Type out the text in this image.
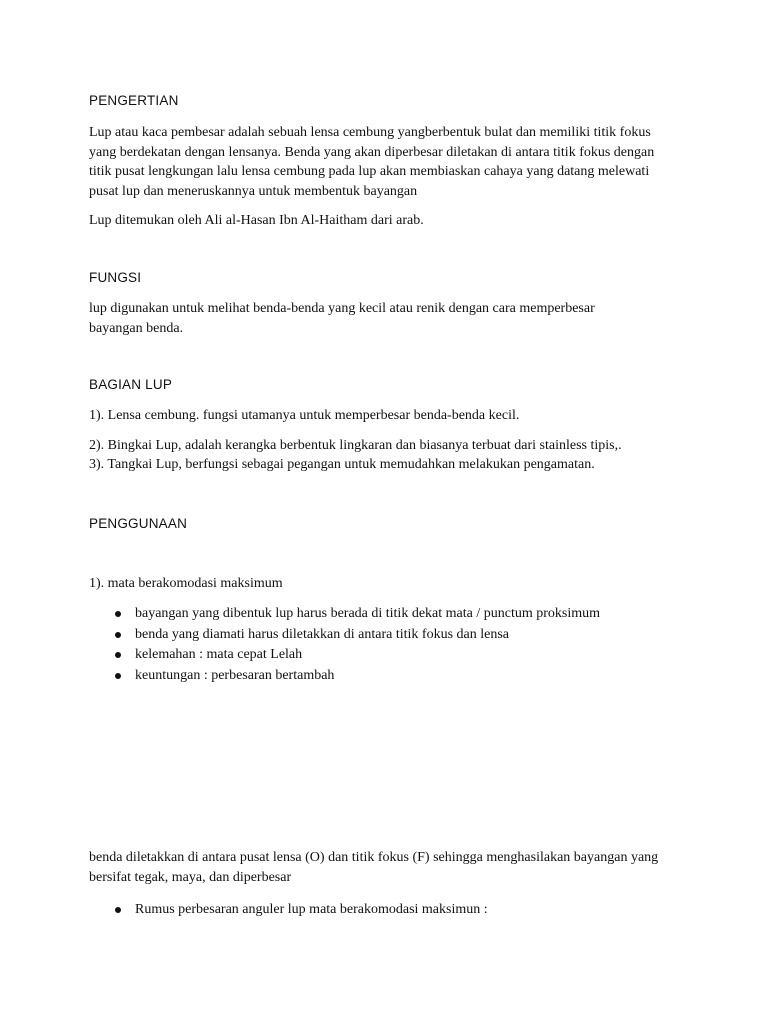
PENGERTIAN
Lup atau kaca pembesar adalah sebuah lensa cembung yangberbentuk bulat dan memiliki titik fokus yang berdekatan dengan lensanya. Benda yang akan diperbesar diletakan di antara titik fokus dengan titik pusat lengkungan lalu lensa cembung pada lup akan membiaskan cahaya yang datang melewati pusat lup dan meneruskannya untuk membentuk bayangan
Lup ditemukan oleh Ali al-Hasan Ibn Al-Haitham dari arab.
FUNGSI
lup digunakan untuk melihat benda-benda yang kecil atau renik dengan cara memperbesar bayangan benda.
BAGIAN LUP
1). Lensa cembung. fungsi utamanya untuk memperbesar benda-benda kecil.
2). Bingkai Lup, adalah kerangka berbentuk lingkaran dan biasanya terbuat dari stainless tipis,.
3). Tangkai Lup, berfungsi sebagai pegangan untuk memudahkan melakukan pengamatan.
PENGGUNAAN
1). mata berakomodasi maksimum
bayangan yang dibentuk lup harus berada di titik dekat mata / punctum proksimum
benda yang diamati harus diletakkan di antara titik fokus dan lensa
kelemahan : mata cepat Lelah
keuntungan : perbesaran bertambah
benda diletakkan di antara pusat lensa (O) dan titik fokus (F) sehingga menghasilakan bayangan yang bersifat tegak, maya, dan diperbesar
Rumus perbesaran anguler lup mata berakomodasi maksimun :
